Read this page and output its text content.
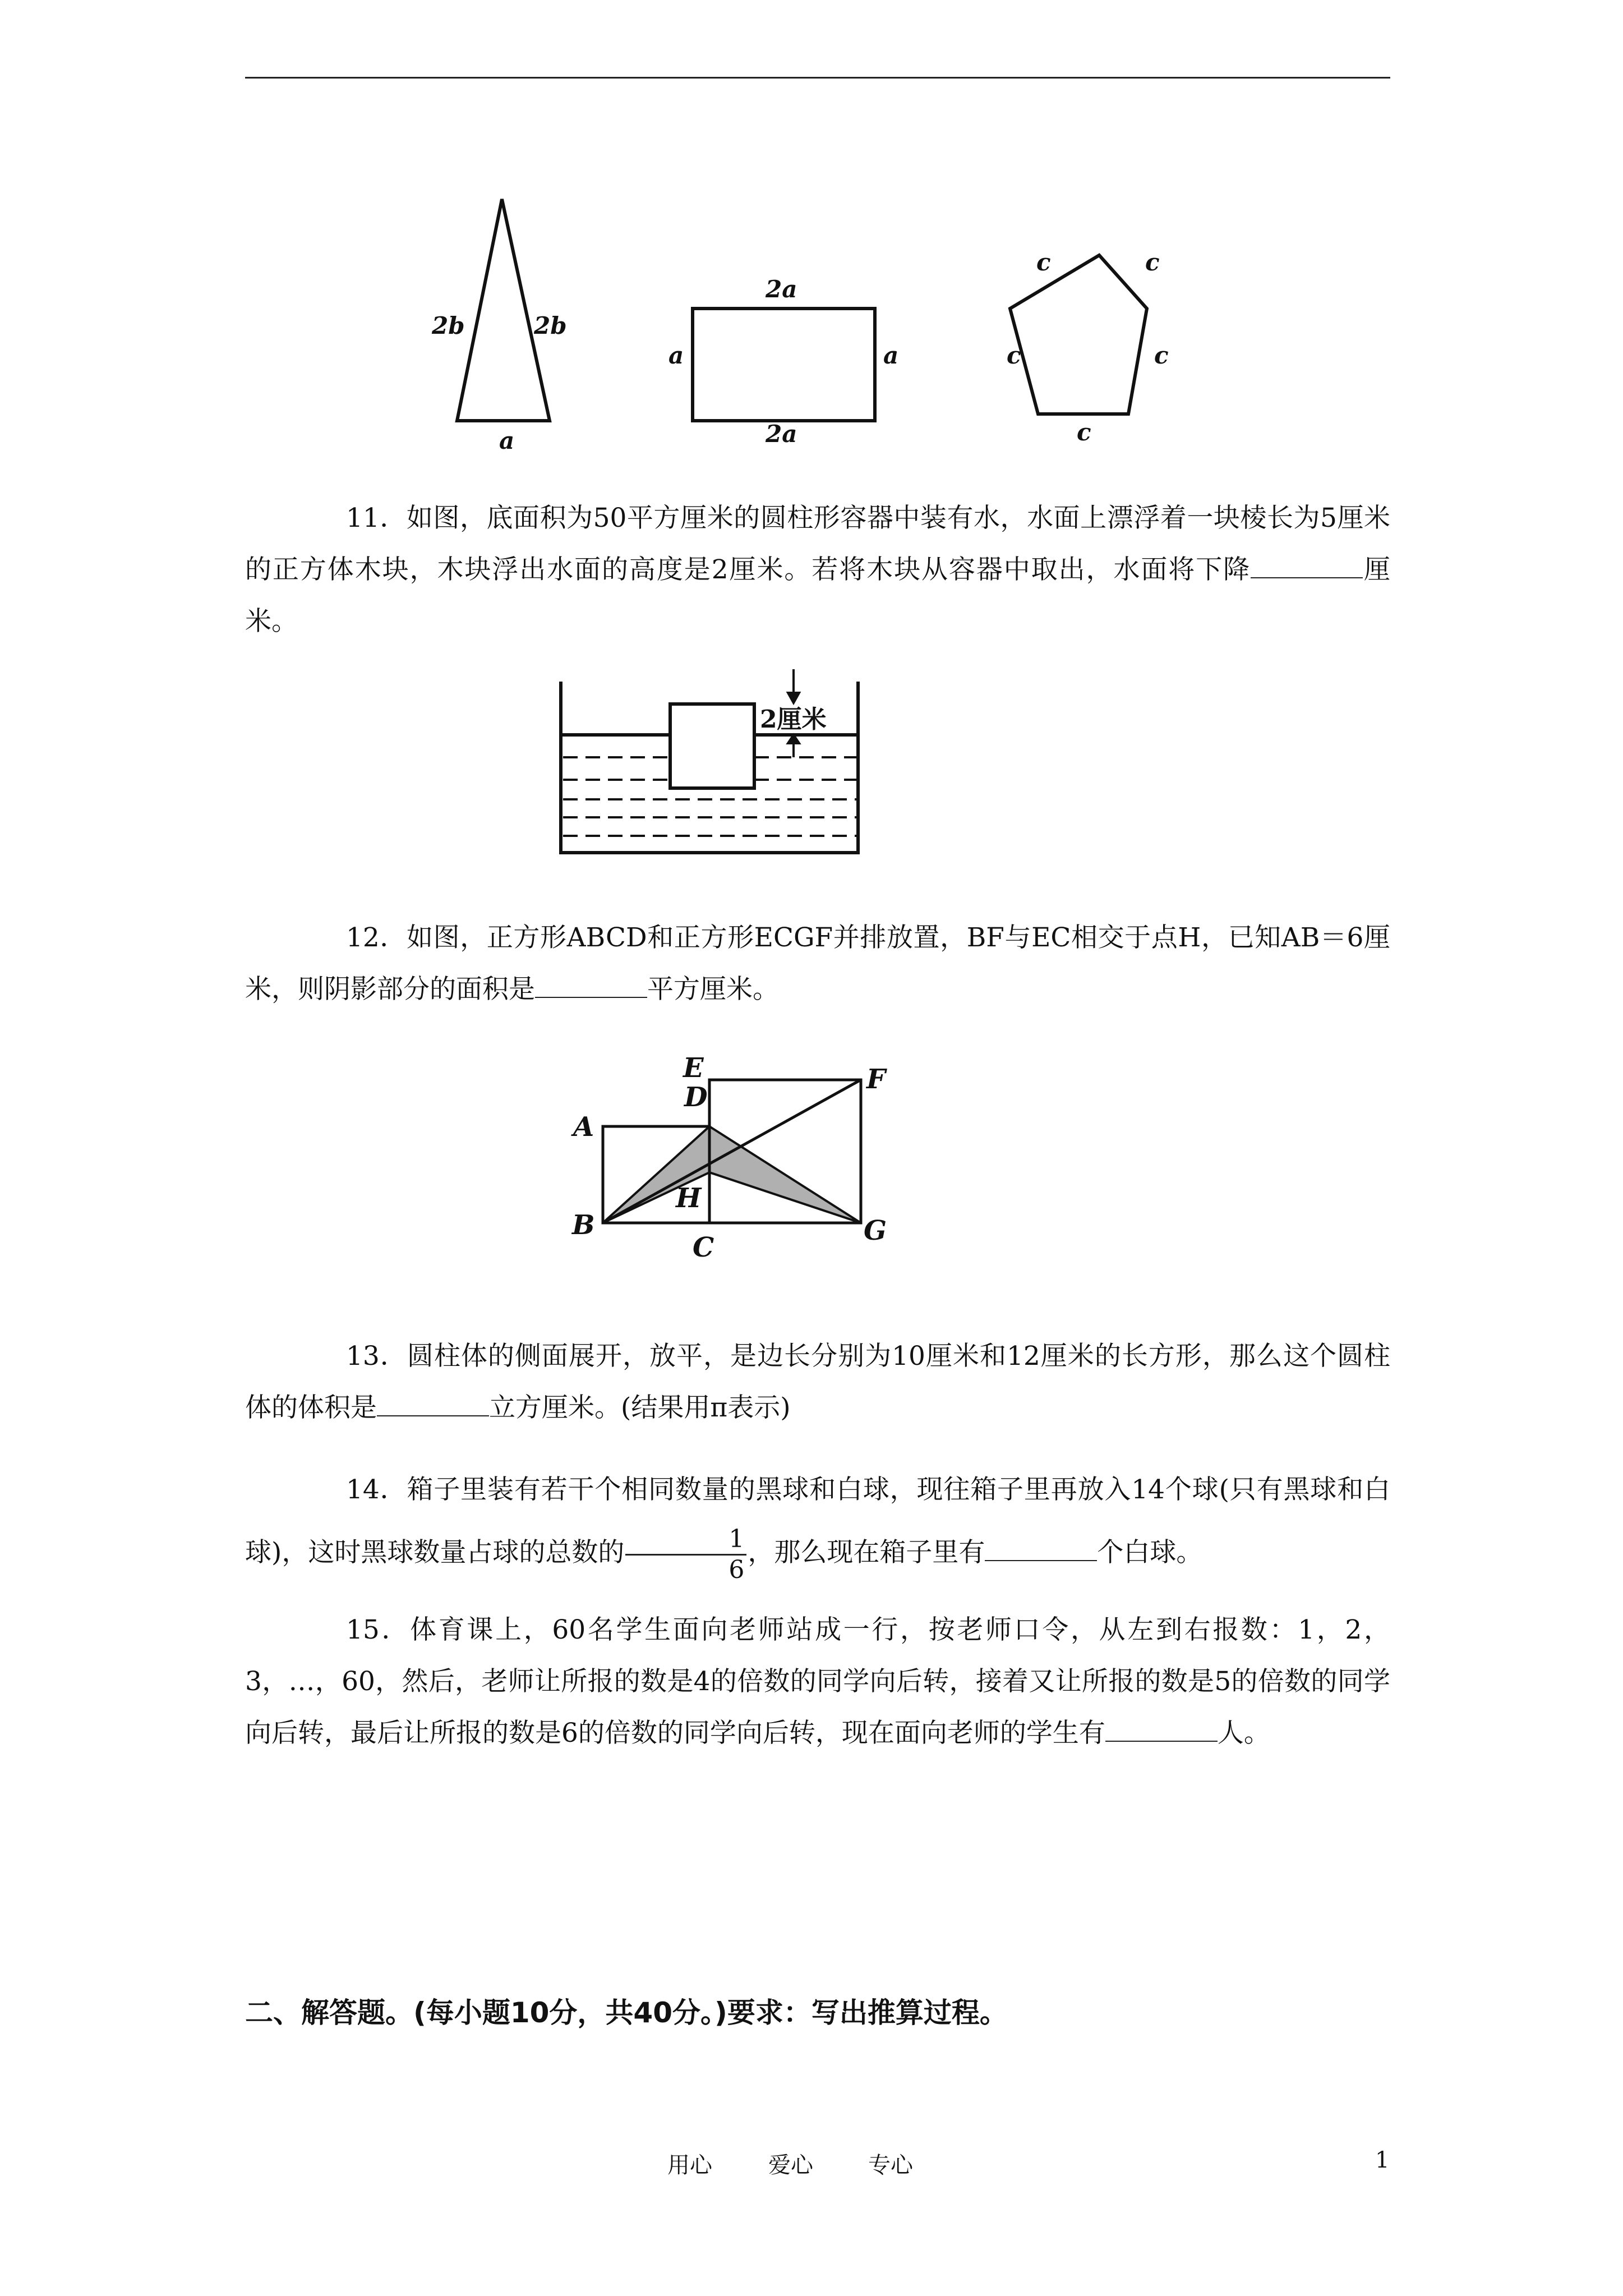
2b	2b
a
2a
2a
a	a
c	c
c	c
c
11．如图，底面积为50平方厘米的圆柱形容器中装有水，水面上漂浮着一块棱长为5厘米的正方体木块，木块浮出水面的高度是2厘米。若将木块从容器中取出，水面将下降	厘米。
2厘米
12．如图，正方形ABCD和正方形ECGF并排放置，BF与EC相交于点H，已知AB＝6厘米，则阴影部分的面积是	平方厘米。
E
D
F
A
H
B
C
G
13．圆柱体的侧面展开，放平，是边长分别为10厘米和12厘米的长方形，那么这个圆柱体的体积是	立方厘米。(结果用π表示)
14．箱子里装有若干个相同数量的黑球和白球，现往箱子里再放入14个球(只有黑球和白球)，这时黑球数量占球的总数的 $\frac{1}{6}$ ，那么现在箱子里有	个白球。
15．体育课上，60名学生面向老师站成一行，按老师口令，从左到右报数：1，2，3，…，60，然后，老师让所报的数是4的倍数的同学向后转，接着又让所报的数是5的倍数的同学向后转，最后让所报的数是6的倍数的同学向后转，现在面向老师的学生有	人。
二、解答题。(每小题10分，共40分。)要求：写出推算过程。
用心	爱心 专心	1
